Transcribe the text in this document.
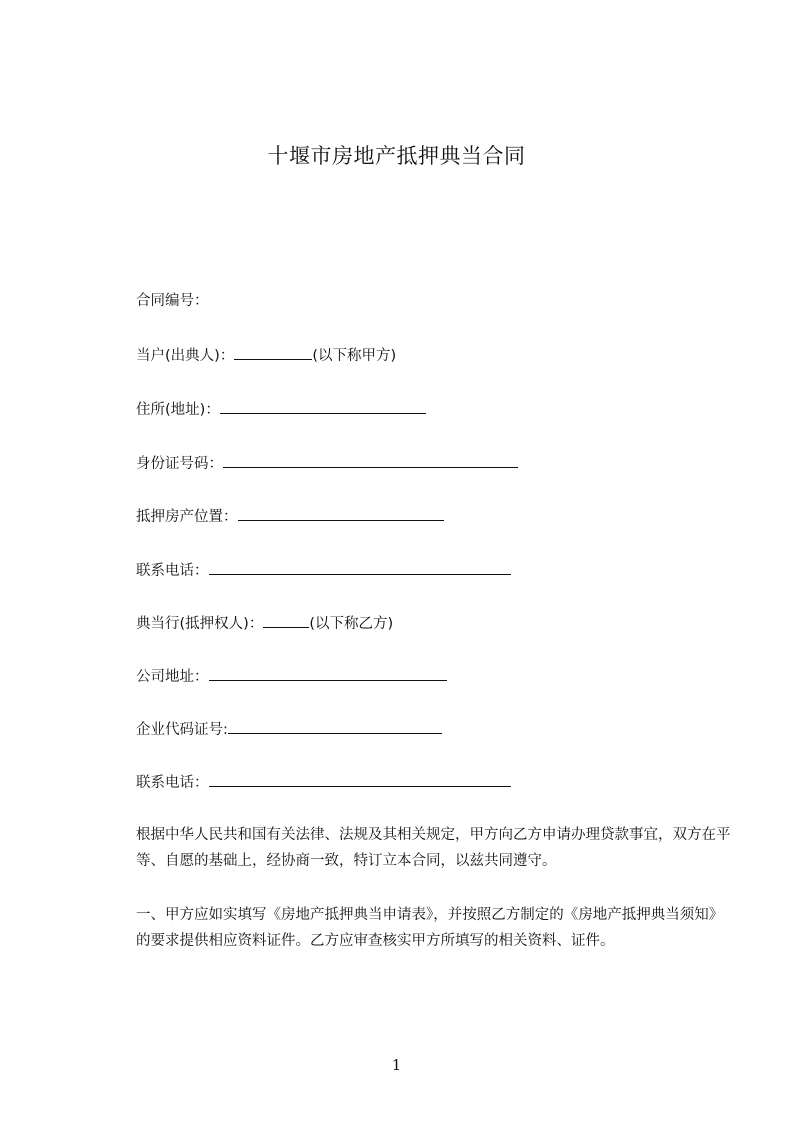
十堰市房地产抵押典当合同
合同编号：
当户(出典人)：	(以下称甲方)
住所(地址)：
身份证号码：
抵押房产位置：
联系电话：
典当行(抵押权人)：	(以下称乙方)
公司地址：
企业代码证号:
联系电话：
根据中华人民共和国有关法律、法规及其相关规定，甲方向乙方申请办理贷款事宜，双方在平等、自愿的基础上，经协商一致，特订立本合同，以兹共同遵守。
一、甲方应如实填写《房地产抵押典当申请表》，并按照乙方制定的《房地产抵押典当须知》的要求提供相应资料证件。乙方应审查核实甲方所填写的相关资料、证件。
1
